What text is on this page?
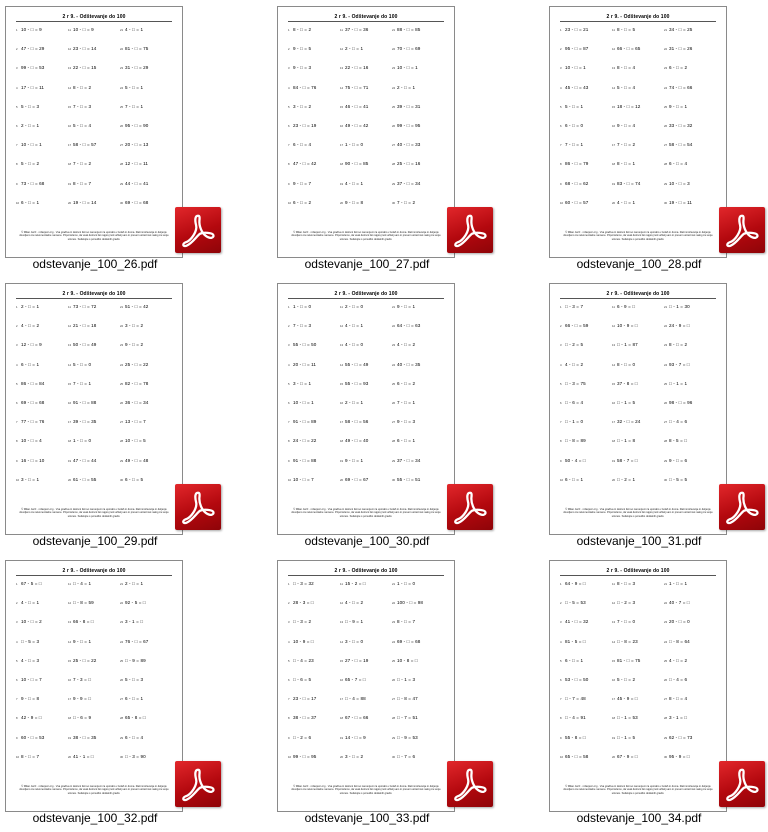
2 r 9. - Odštevanje do 100
1 10 - □ = 9
2 47 - □ = 29
3 99 - □ = 53
4 17 - □ = 11
5 5 - □ = 3
6 2 - □ = 1
7 10 - □ = 1
8 5 - □ = 2
9 73 - □ = 68
10 6 - □ = 1
11 10 - □ = 9
12 23 - □ = 14
13 22 - □ = 15
14 8 - □ = 2
15 7 - □ = 3
16 5 - □ = 4
17 58 - □ = 57
18 7 - □ = 2
19 8 - □ = 7
20 19 - □ = 14
21 4 - □ = 1
22 81 - □ = 75
23 31 - □ = 29
24 5 - □ = 1
25 7 - □ = 1
26 95 - □ = 90
27 20 - □ = 13
28 12 - □ = 11
29 44 - □ = 41
30 69 - □ = 68
© Milan Jerič · milanjerc.org · Vsa gradiva in delovni listi so namenjeni za uporabo v šolah in doma. Razmnoževanje in deljenje dovoljeno za nekomercialne namene. Priporočamo, da vsak delovni list najprej reši učitelj sam in preveri ustreznost nalog za svoje učence. Sodelujte s ponudbo dodatnih gradiv.
odstevanje_100_26.pdf
2 r 9. - Odštevanje do 100
1 8 - □ = 2
2 9 - □ = 5
3 9 - □ = 3
4 84 - □ = 76
5 3 - □ = 2
6 23 - □ = 19
7 6 - □ = 4
8 47 - □ = 42
9 9 - □ = 7
10 6 - □ = 2
11 37 - □ = 36
12 2 - □ = 1
13 22 - □ = 16
14 75 - □ = 71
15 46 - □ = 41
16 49 - □ = 42
17 1 - □ = 0
18 90 - □ = 85
19 4 - □ = 1
20 9 - □ = 8
21 88 - □ = 85
22 70 - □ = 69
23 10 - □ = 1
24 2 - □ = 1
25 39 - □ = 31
26 99 - □ = 95
27 40 - □ = 33
28 25 - □ = 16
29 37 - □ = 34
30 7 - □ = 2
© Milan Jerič · milanjerc.org · Vsa gradiva in delovni listi so namenjeni za uporabo v šolah in doma. Razmnoževanje in deljenje dovoljeno za nekomercialne namene. Priporočamo, da vsak delovni list najprej reši učitelj sam in preveri ustreznost nalog za svoje učence. Sodelujte s ponudbo dodatnih gradiv.
odstevanje_100_27.pdf
2 r 9. - Odštevanje do 100
1 23 - □ = 21
2 95 - □ = 87
3 10 - □ = 1
4 45 - □ = 43
5 5 - □ = 1
6 6 - □ = 0
7 7 - □ = 1
8 86 - □ = 79
9 68 - □ = 62
10 60 - □ = 57
11 8 - □ = 5
12 66 - □ = 65
13 8 - □ = 4
14 5 - □ = 4
15 18 - □ = 12
16 9 - □ = 4
17 7 - □ = 2
18 8 - □ = 1
19 83 - □ = 74
20 4 - □ = 1
21 34 - □ = 25
22 31 - □ = 26
23 6 - □ = 2
24 74 - □ = 66
25 9 - □ = 1
26 33 - □ = 32
27 58 - □ = 54
28 6 - □ = 4
29 10 - □ = 3
30 19 - □ = 11
© Milan Jerič · milanjerc.org · Vsa gradiva in delovni listi so namenjeni za uporabo v šolah in doma. Razmnoževanje in deljenje dovoljeno za nekomercialne namene. Priporočamo, da vsak delovni list najprej reši učitelj sam in preveri ustreznost nalog za svoje učence. Sodelujte s ponudbo dodatnih gradiv.
odstevanje_100_28.pdf
2 r 9. - Odštevanje do 100
1 2 - □ = 1
2 4 - □ = 2
3 12 - □ = 9
4 6 - □ = 1
5 86 - □ = 84
6 69 - □ = 68
7 77 - □ = 76
8 10 - □ = 4
9 16 - □ = 10
10 3 - □ = 1
11 73 - □ = 72
12 21 - □ = 18
13 50 - □ = 49
14 5 - □ = 0
15 7 - □ = 1
16 91 - □ = 88
17 39 - □ = 35
18 1 - □ = 0
19 47 - □ = 44
20 61 - □ = 55
21 51 - □ = 42
22 3 - □ = 2
23 9 - □ = 2
24 25 - □ = 22
25 82 - □ = 78
26 36 - □ = 34
27 13 - □ = 7
28 10 - □ = 5
29 49 - □ = 48
30 6 - □ = 5
© Milan Jerič · milanjerc.org · Vsa gradiva in delovni listi so namenjeni za uporabo v šolah in doma. Razmnoževanje in deljenje dovoljeno za nekomercialne namene. Priporočamo, da vsak delovni list najprej reši učitelj sam in preveri ustreznost nalog za svoje učence. Sodelujte s ponudbo dodatnih gradiv.
odstevanje_100_29.pdf
2 r 9. - Odštevanje do 100
1 1 - □ = 0
2 7 - □ = 3
3 55 - □ = 50
4 20 - □ = 11
5 3 - □ = 1
6 10 - □ = 1
7 91 - □ = 89
8 24 - □ = 22
9 91 - □ = 88
10 10 - □ = 7
11 2 - □ = 0
12 4 - □ = 1
13 4 - □ = 0
14 55 - □ = 49
15 55 - □ = 93
16 2 - □ = 1
17 58 - □ = 56
18 49 - □ = 40
19 9 - □ = 1
20 69 - □ = 67
21 9 - □ = 1
22 64 - □ = 63
23 4 - □ = 2
24 40 - □ = 35
25 6 - □ = 2
26 7 - □ = 1
27 9 - □ = 3
28 6 - □ = 1
29 37 - □ = 34
30 55 - □ = 51
© Milan Jerič · milanjerc.org · Vsa gradiva in delovni listi so namenjeni za uporabo v šolah in doma. Razmnoževanje in deljenje dovoljeno za nekomercialne namene. Priporočamo, da vsak delovni list najprej reši učitelj sam in preveri ustreznost nalog za svoje učence. Sodelujte s ponudbo dodatnih gradiv.
odstevanje_100_30.pdf
2 r 9. - Odštevanje do 100
1 □ - 3 = 7
2 66 - □ = 59
3 □ - 2 = 5
4 4 - □ = 2
5 □ - 3 = 75
6 □ - 6 = 4
7 □ - 1 = 0
8 □ - 8 = 89
9 50 - 4 = □
10 6 - □ = 1
11 6 - 9 = □
12 10 - 9 = □
13 □ - 1 = 87
14 8 - □ = 0
15 37 - 8 = □
16 □ - 1 = 5
17 32 - □ = 24
18 □ - 1 = 8
19 58 - 7 = □
20 □ - 2 = 1
21 □ - 1 = 30
22 24 - 9 = □
23 8 - □ = 2
24 93 - 7 = □
25 □ - 1 = 1
26 98 - □ = 96
27 □ - 4 = 6
28 8 - 5 = □
29 9 - □ = 6
30 □ - 5 = 5
© Milan Jerič · milanjerc.org · Vsa gradiva in delovni listi so namenjeni za uporabo v šolah in doma. Razmnoževanje in deljenje dovoljeno za nekomercialne namene. Priporočamo, da vsak delovni list najprej reši učitelj sam in preveri ustreznost nalog za svoje učence. Sodelujte s ponudbo dodatnih gradiv.
odstevanje_100_31.pdf
2 r 9. - Odštevanje do 100
1 67 - 5 = □
2 4 - □ = 1
3 10 - □ = 2
4 □ - 5 = 3
5 4 - □ = 3
6 10 - □ = 7
7 9 - □ = 8
8 42 - 9 = □
9 60 - □ = 53
10 8 - □ = 7
11 □ - 4 = 1
12 □ - 8 = 59
13 66 - 8 = □
14 9 - □ = 1
15 25 - □ = 22
16 7 - 3 = □
17 9 - 9 = □
18 □ - 6 = 9
19 38 - □ = 35
20 41 - 1 = □
21 2 - □ = 1
22 92 - 5 = □
23 3 - 1 = □
24 76 - □ = 67
25 □ - 9 = 89
26 5 - □ = 3
27 6 - □ = 1
28 65 - 8 = □
29 6 - □ = 4
30 □ - 3 = 90
© Milan Jerič · milanjerc.org · Vsa gradiva in delovni listi so namenjeni za uporabo v šolah in doma. Razmnoževanje in deljenje dovoljeno za nekomercialne namene. Priporočamo, da vsak delovni list najprej reši učitelj sam in preveri ustreznost nalog za svoje učence. Sodelujte s ponudbo dodatnih gradiv.
odstevanje_100_32.pdf
2 r 9. - Odštevanje do 100
1 □ - 3 = 32
2 28 - 3 = □
3 □ - 3 = 2
4 10 - 9 = □
5 □ - 4 = 23
6 □ - 6 = 5
7 23 - □ = 17
8 38 - □ = 37
9 □ - 2 = 6
10 99 - □ = 95
11 15 - 2 = □
12 4 - □ = 2
13 □ - 9 = 1
14 3 - □ = 0
15 27 - □ = 19
16 65 - 7 = □
17 □ - 4 = 88
18 67 - □ = 66
19 14 - □ = 9
20 3 - □ = 2
21 1 - □ = 0
22 100 - □ = 98
23 8 - □ = 7
24 69 - □ = 68
25 10 - 8 = □
26 □ - 1 = 3
27 □ - 8 = 47
28 □ - 7 = 51
29 □ - 9 = 53
30 □ - 7 = 6
© Milan Jerič · milanjerc.org · Vsa gradiva in delovni listi so namenjeni za uporabo v šolah in doma. Razmnoževanje in deljenje dovoljeno za nekomercialne namene. Priporočamo, da vsak delovni list najprej reši učitelj sam in preveri ustreznost nalog za svoje učence. Sodelujte s ponudbo dodatnih gradiv.
odstevanje_100_33.pdf
2 r 9. - Odštevanje do 100
1 64 - 9 = □
2 □ - 5 = 53
3 41 - □ = 32
4 81 - 5 = □
5 6 - □ = 1
6 53 - □ = 50
7 □ - 7 = 48
8 □ - 4 = 91
9 55 - 8 = □
10 65 - □ = 58
11 8 - □ = 3
12 □ - 2 = 3
13 7 - □ = 0
14 □ - 8 = 23
15 81 - □ = 75
16 5 - □ = 2
17 45 - 9 = □
18 □ - 1 = 53
19 □ - 1 = 5
20 67 - 9 = □
21 1 - □ = 1
22 40 - 7 = □
23 20 - □ = 0
24 □ - 8 = 64
25 4 - □ = 2
26 □ - 4 = 6
27 8 - □ = 4
28 3 - 1 = □
29 62 - □ = 73
30 95 - 9 = □
© Milan Jerič · milanjerc.org · Vsa gradiva in delovni listi so namenjeni za uporabo v šolah in doma. Razmnoževanje in deljenje dovoljeno za nekomercialne namene. Priporočamo, da vsak delovni list najprej reši učitelj sam in preveri ustreznost nalog za svoje učence. Sodelujte s ponudbo dodatnih gradiv.
odstevanje_100_34.pdf
